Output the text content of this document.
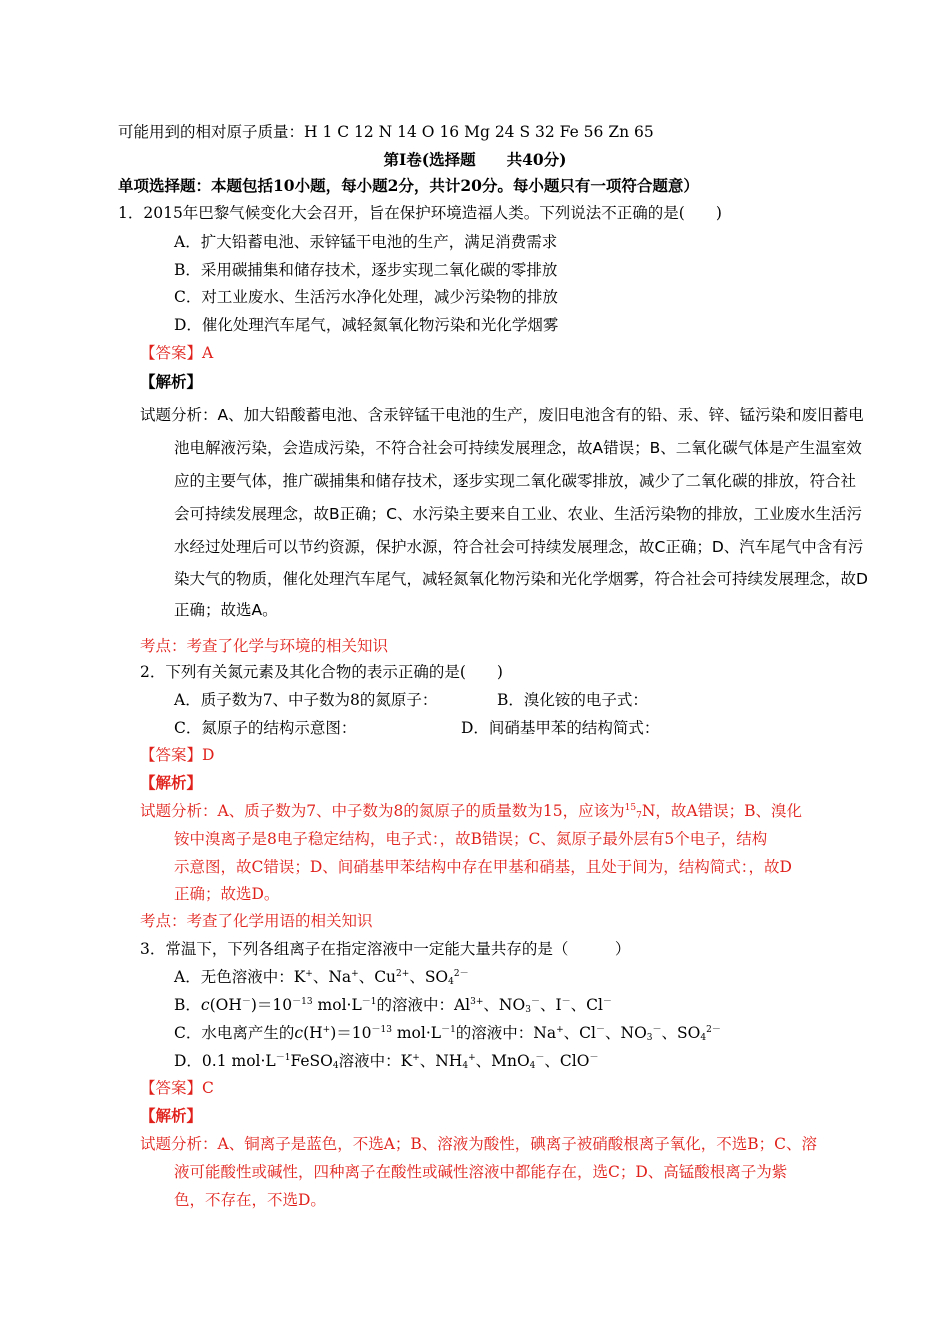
可能用到的相对原子质量：H 1 C 12 N 14 O 16 Mg 24 S 32 Fe 56 Zn 65
第Ⅰ卷(选择题　　共40分)
单项选择题：本题包括10小题，每小题2分，共计20分。每小题只有一项符合题意）
1．2015年巴黎气候变化大会召开，旨在保护环境造福人类。下列说法不正确的是(　　)
A．扩大铅蓄电池、汞锌锰干电池的生产，满足消费需求
B．采用碳捕集和储存技术，逐步实现二氧化碳的零排放
C．对工业废水、生活污水净化处理，减少污染物的排放
D．催化处理汽车尾气，减轻氮氧化物污染和光化学烟雾
【答案】A
【解析】
试题分析：A、加大铅酸蓄电池、含汞锌锰干电池的生产，废旧电池含有的铅、汞、锌、锰污染和废旧蓄电
池电解液污染，会造成污染，不符合社会可持续发展理念，故A错误；B、二氧化碳气体是产生温室效
应的主要气体，推广碳捕集和储存技术，逐步实现二氧化碳零排放，减少了二氧化碳的排放，符合社
会可持续发展理念，故B正确；C、水污染主要来自工业、农业、生活污染物的排放，工业废水生活污
水经过处理后可以节约资源，保护水源，符合社会可持续发展理念，故C正确；D、汽车尾气中含有污
染大气的物质，催化处理汽车尾气，减轻氮氧化物污染和光化学烟雾，符合社会可持续发展理念，故D
正确；故选A。
考点：考查了化学与环境的相关知识
2．下列有关氮元素及其化合物的表示正确的是(　　)
A．质子数为7、中子数为8的氮原子：	B．溴化铵的电子式：
C．氮原子的结构示意图：	D．间硝基甲苯的结构简式：
【答案】D
【解析】
试题分析：A、质子数为7、中子数为8的氮原子的质量数为15，应该为$^{15}_7$N，故A错误；B、溴化
铵中溴离子是8电子稳定结构，电子式：，故B错误；C、氮原子最外层有5个电子，结构
示意图，故C错误；D、间硝基甲苯结构中存在甲基和硝基，且处于间为，结构简式：，故D
正确；故选D。
考点：考查了化学用语的相关知识
3．常温下，下列各组离子在指定溶液中一定能大量共存的是（　　　）
A．无色溶液中：K+、Na+、$Cu^{2+}$、$SO_4^{2-}$
B．$c(OH^-)=10^{-13}$ $mol\cdot L^{-1}$的溶液中：$Al^{3+}$、$NO_3^-$、I－、Cl－
C．水电离产生的$c(H^+)=10^{-13}$ $mol\cdot L^{-1}$的溶液中：Na+、Cl－、$NO_3^-$、$SO_4^{2-}$
D．0.1 $mol\cdot L^{-1}FeSO_4$溶液中：K+、$NH_4^+$、MnO$_4$－、ClO－
【答案】C
【解析】
试题分析：A、铜离子是蓝色，不选A；B、溶液为酸性，碘离子被硝酸根离子氧化，不选B；C、溶
液可能酸性或碱性，四种离子在酸性或碱性溶液中都能存在，选C；D、高锰酸根离子为紫
色，不存在，不选D。
